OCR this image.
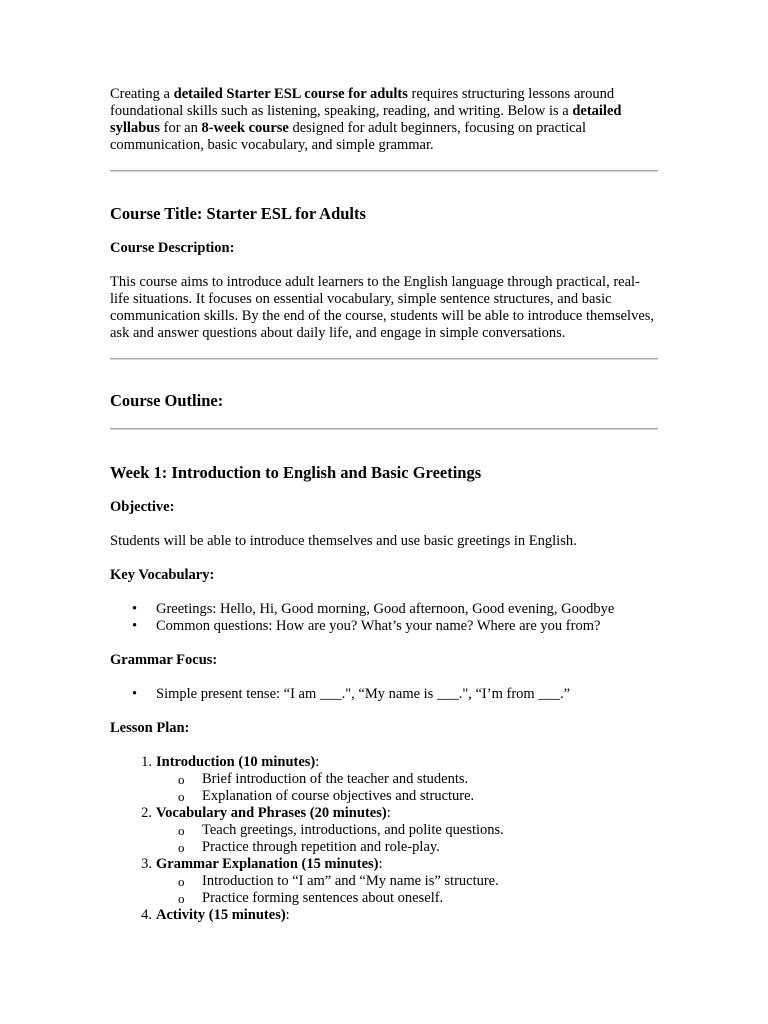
Creating a detailed Starter ESL course for adults requires structuring lessons around foundational skills such as listening, speaking, reading, and writing. Below is a detailed syllabus for an 8-week course designed for adult beginners, focusing on practical communication, basic vocabulary, and simple grammar.

Course Title: Starter ESL for Adults
Course Description:

This course aims to introduce adult learners to the English language through practical, real-life situations. It focuses on essential vocabulary, simple sentence structures, and basic communication skills. By the end of the course, students will be able to introduce themselves, ask and answer questions about daily life, and engage in simple conversations.

Course Outline:
Week 1: Introduction to English and Basic Greetings
Objective:

Students will be able to introduce themselves and use basic greetings in English.

Key Vocabulary:
• Greetings: Hello, Hi, Good morning, Good afternoon, Good evening, Goodbye
• Common questions: How are you? What’s your name? Where are you from?
Grammar Focus:
• Simple present tense: “I am ___.", “My name is ___.", “I’m from ___.”
Lesson Plan:
1. Introduction (10 minutes):
o Brief introduction of the teacher and students.
o Explanation of course objectives and structure.
2. Vocabulary and Phrases (20 minutes):
o Teach greetings, introductions, and polite questions.
o Practice through repetition and role-play.
3. Grammar Explanation (15 minutes):
o Introduction to “I am” and “My name is” structure.
o Practice forming sentences about oneself.
4. Activity (15 minutes):
